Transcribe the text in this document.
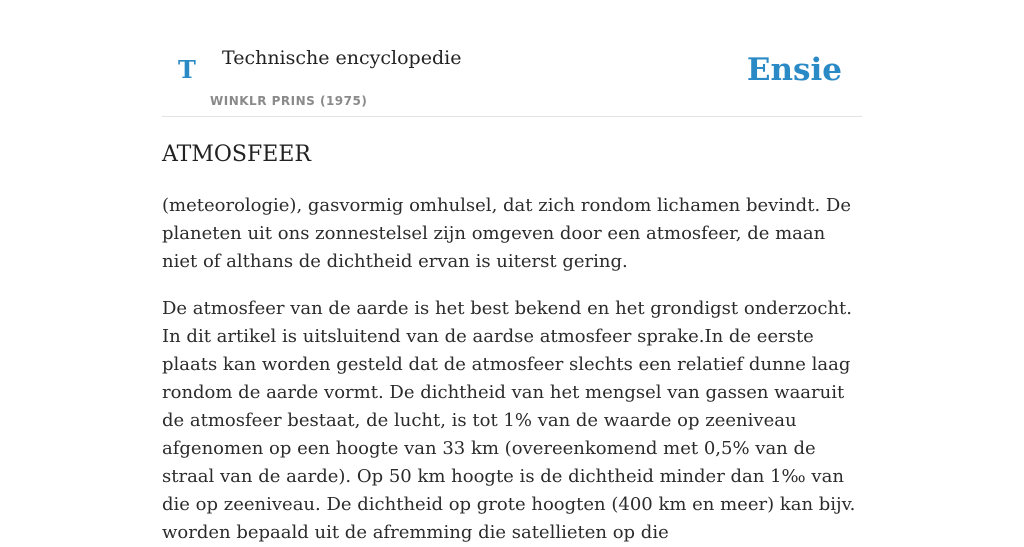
T Technische encyclopedie
WINKLR PRINS (1975)
Ensie
ATMOSFEER

(meteorologie), gasvormig omhulsel, dat zich rondom lichamen bevindt. De planeten uit ons zonnestelsel zijn omgeven door een atmosfeer, de maan niet of althans de dichtheid ervan is uiterst gering.

De atmosfeer van de aarde is het best bekend en het grondigst onderzocht. In dit artikel is uitsluitend van de aardse atmosfeer sprake.In de eerste plaats kan worden gesteld dat de atmosfeer slechts een relatief dunne laag rondom de aarde vormt. De dichtheid van het mengsel van gassen waaruit de atmosfeer bestaat, de lucht, is tot 1% van de waarde op zeeniveau afgenomen op een hoogte van 33 km (overeenkomend met 0,5% van de straal van de aarde). Op 50 km hoogte is de dichtheid minder dan 1‰ van die op zeeniveau. De dichtheid op grote hoogten (400 km en meer) kan bijv. worden bepaald uit de afremming die satellieten op die
